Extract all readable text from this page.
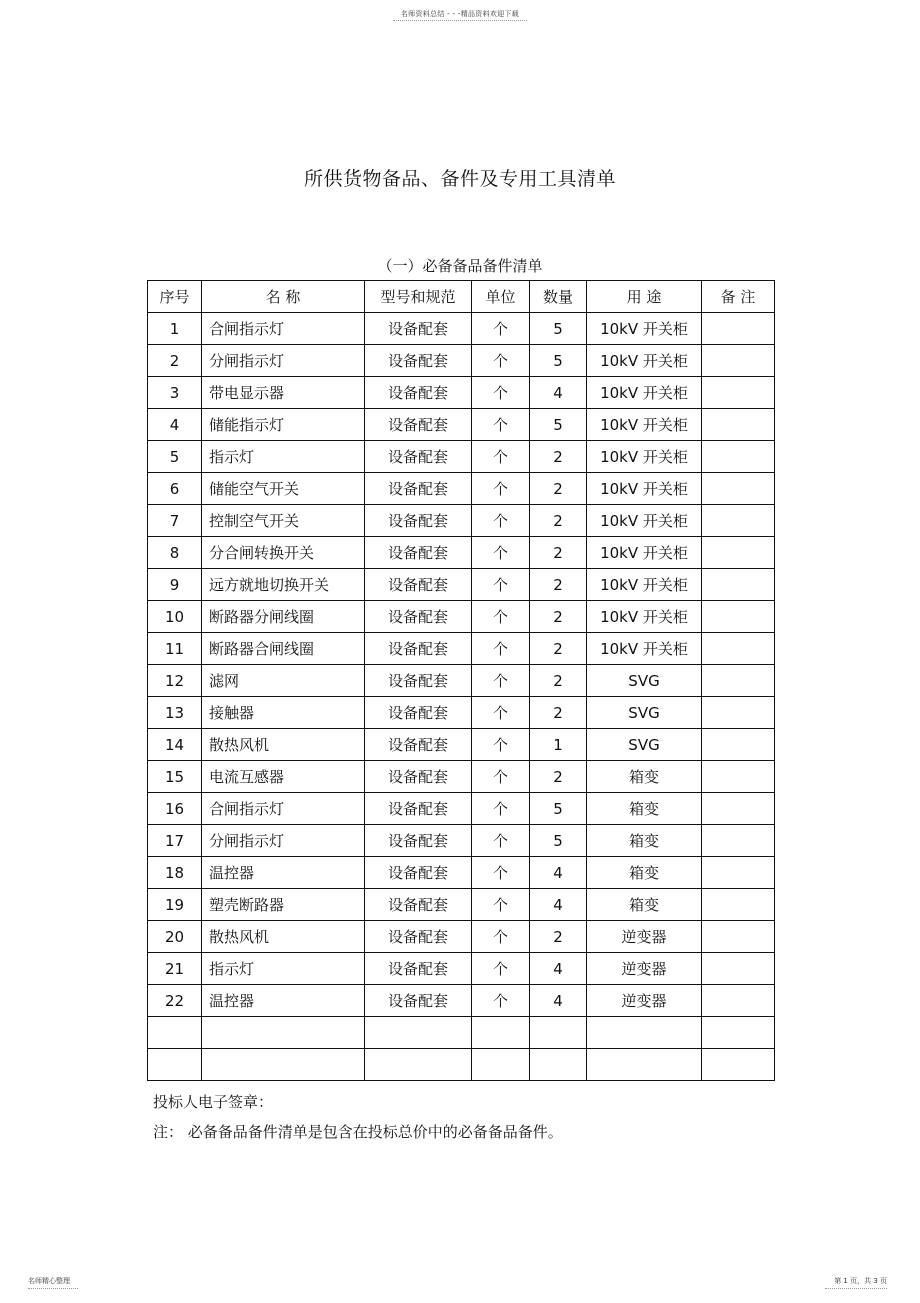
名师资料总结 - - -精品资料欢迎下载
所供货物备品、备件及专用工具清单
（一）必备备品备件清单
序号	名 称	型号和规范	单位	数量	用 途	备 注
1	合闸指示灯	设备配套	个	5	10kV 开关柜	
2	分闸指示灯	设备配套	个	5	10kV 开关柜	
3	带电显示器	设备配套	个	4	10kV 开关柜	
4	储能指示灯	设备配套	个	5	10kV 开关柜	
5	指示灯	设备配套	个	2	10kV 开关柜	
6	储能空气开关	设备配套	个	2	10kV 开关柜	
7	控制空气开关	设备配套	个	2	10kV 开关柜	
8	分合闸转换开关	设备配套	个	2	10kV 开关柜	
9	远方就地切换开关	设备配套	个	2	10kV 开关柜	
10	断路器分闸线圈	设备配套	个	2	10kV 开关柜	
11	断路器合闸线圈	设备配套	个	2	10kV 开关柜	
12	滤网	设备配套	个	2	SVG	
13	接触器	设备配套	个	2	SVG	
14	散热风机	设备配套	个	1	SVG	
15	电流互感器	设备配套	个	2	箱变	
16	合闸指示灯	设备配套	个	5	箱变	
17	分闸指示灯	设备配套	个	5	箱变	
18	温控器	设备配套	个	4	箱变	
19	塑壳断路器	设备配套	个	4	箱变	
20	散热风机	设备配套	个	2	逆变器	
21	指示灯	设备配套	个	4	逆变器	
22	温控器	设备配套	个	4	逆变器	

投标人电子签章：
注： 必备备品备件清单是包含在投标总价中的必备备品备件。
名师精心整理	第 1 页，共 3 页
